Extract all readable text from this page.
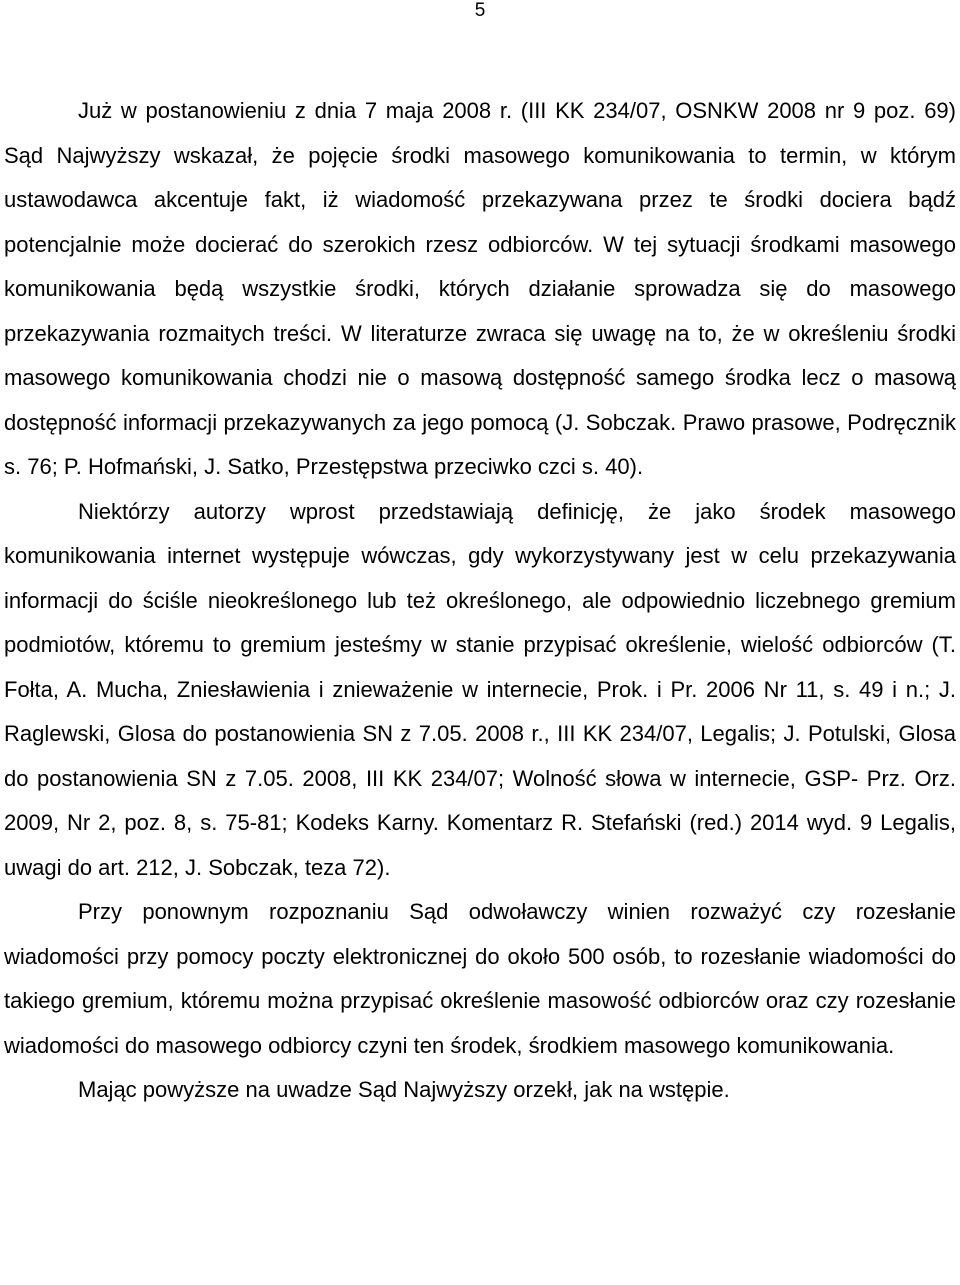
5

Już w postanowieniu z dnia 7 maja 2008 r. (III KK 234/07, OSNKW 2008 nr 9 poz. 69) Sąd Najwyższy wskazał, że pojęcie środki masowego komunikowania to termin, w którym ustawodawca akcentuje fakt, iż wiadomość przekazywana przez te środki dociera bądź potencjalnie może docierać do szerokich rzesz odbiorców. W tej sytuacji środkami masowego komunikowania będą wszystkie środki, których działanie sprowadza się do masowego przekazywania rozmaitych treści. W literaturze zwraca się uwagę na to, że w określeniu środki masowego komunikowania chodzi nie o masową dostępność samego środka lecz o masową dostępność informacji przekazywanych za jego pomocą (J. Sobczak. Prawo prasowe, Podręcznik s. 76; P. Hofmański, J. Satko, Przestępstwa przeciwko czci s. 40).

Niektórzy autorzy wprost przedstawiają definicję, że jako środek masowego komunikowania internet występuje wówczas, gdy wykorzystywany jest w celu przekazywania informacji do ściśle nieokreślonego lub też określonego, ale odpowiednio liczebnego gremium podmiotów, któremu to gremium jesteśmy w stanie przypisać określenie, wielość odbiorców (T. Fołta, A. Mucha, Zniesławienia i znieważenie w internecie, Prok. i Pr. 2006 Nr 11, s. 49 i n.; J. Raglewski, Glosa do postanowienia SN z 7.05. 2008 r., III KK 234/07, Legalis; J. Potulski, Glosa do postanowienia SN z 7.05. 2008, III KK 234/07; Wolność słowa w internecie, GSP- Prz. Orz. 2009, Nr 2, poz. 8, s. 75-81; Kodeks Karny. Komentarz R. Stefański (red.) 2014 wyd. 9 Legalis, uwagi do art. 212, J. Sobczak, teza 72).

Przy ponownym rozpoznaniu Sąd odwoławczy winien rozważyć czy rozesłanie wiadomości przy pomocy poczty elektronicznej do około 500 osób, to rozesłanie wiadomości do takiego gremium, któremu można przypisać określenie masowość odbiorców oraz czy rozesłanie wiadomości do masowego odbiorcy czyni ten środek, środkiem masowego komunikowania.

Mając powyższe na uwadze Sąd Najwyższy orzekł, jak na wstępie.
